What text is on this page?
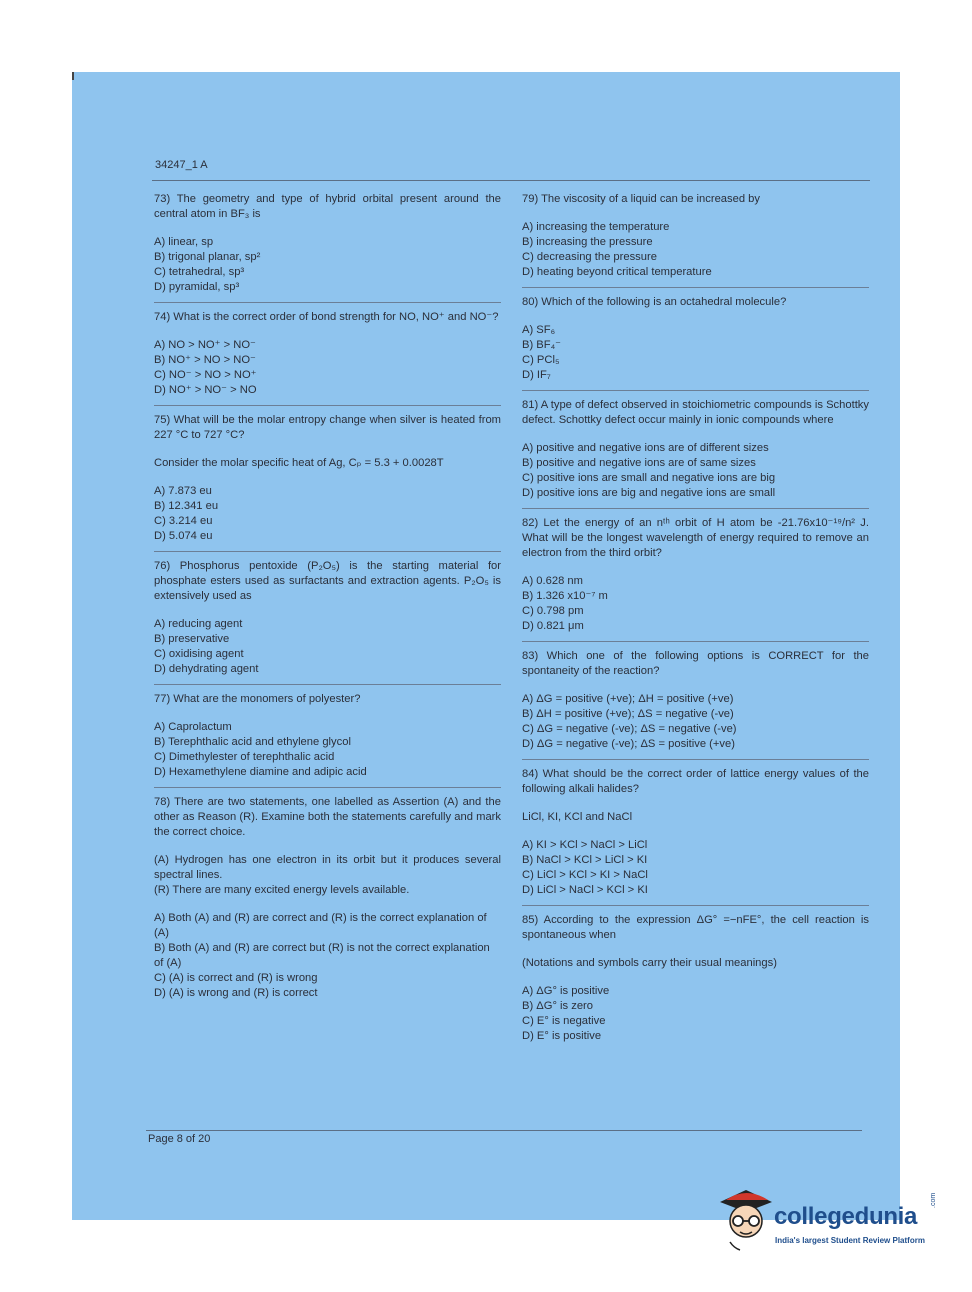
34247_1 A

73) The geometry and type of hybrid orbital present around the central atom in BF₃ is

A) linear, sp

B) trigonal planar, sp²

C) tetrahedral, sp³

D) pyramidal, sp³

74) What is the correct order of bond strength for NO, NO⁺ and NO⁻?

A) NO > NO⁺ > NO⁻

B) NO⁺ > NO > NO⁻

C) NO⁻ > NO > NO⁺

D) NO⁺ > NO⁻ > NO

75) What will be the molar entropy change when silver is heated from 227 °C to 727 °C?

Consider the molar specific heat of Ag, Cₚ = 5.3 + 0.0028T

A) 7.873 eu

B) 12.341 eu

C) 3.214 eu

D) 5.074 eu

76) Phosphorus pentoxide (P₂O₅) is the starting material for phosphate esters used as surfactants and extraction agents. P₂O₅ is extensively used as

A) reducing agent

B) preservative

C) oxidising agent

D) dehydrating agent

77) What are the monomers of polyester?

A) Caprolactum

B) Terephthalic acid and ethylene glycol

C) Dimethylester of terephthalic acid

D) Hexamethylene diamine and adipic acid

78) There are two statements, one labelled as Assertion (A) and the other as Reason (R). Examine both the statements carefully and mark the correct choice.

(A) Hydrogen has one electron in its orbit but it produces several spectral lines.

(R) There are many excited energy levels available.

A) Both (A) and (R) are correct and (R) is the correct explanation of (A)

B) Both (A) and (R) are correct but (R) is not the correct explanation of (A)

C) (A) is correct and (R) is wrong

D) (A) is wrong and (R) is correct

79) The viscosity of a liquid can be increased by

A) increasing the temperature

B) increasing the pressure

C) decreasing the pressure

D) heating beyond critical temperature

80) Which of the following is an octahedral molecule?

A) SF₆

B) BF₄⁻

C) PCl₅

D) IF₇

81) A type of defect observed in stoichiometric compounds is Schottky defect. Schottky defect occur mainly in ionic compounds where

A) positive and negative ions are of different sizes

B) positive and negative ions are of same sizes

C) positive ions are small and negative ions are big

D) positive ions are big and negative ions are small

82) Let the energy of an nᵗʰ orbit of H atom be -21.76x10⁻¹⁹/n² J. What will be the longest wavelength of energy required to remove an electron from the third orbit?

A) 0.628 nm

B) 1.326 x10⁻⁷ m

C) 0.798 pm

D) 0.821 μm

83) Which one of the following options is CORRECT for the spontaneity of the reaction?

A) ΔG = positive (+ve); ΔH = positive (+ve)

B) ΔH = positive (+ve); ΔS = negative (-ve)

C) ΔG = negative (-ve); ΔS = negative (-ve)

D) ΔG = negative (-ve); ΔS = positive (+ve)

84) What should be the correct order of lattice energy values of the following alkali halides?

LiCl, KI, KCl and NaCl

A) KI > KCl > NaCl > LiCl

B) NaCl > KCl > LiCl > KI

C) LiCl > KCl > KI > NaCl

D) LiCl > NaCl > KCl > KI

85) According to the expression ΔG° =−nFE°, the cell reaction is spontaneous when

(Notations and symbols carry their usual meanings)

A) ΔG° is positive

B) ΔG° is zero

C) E° is negative

D) E° is positive

Page 8 of 20
collegedunia
.com
India's largest Student Review Platform
